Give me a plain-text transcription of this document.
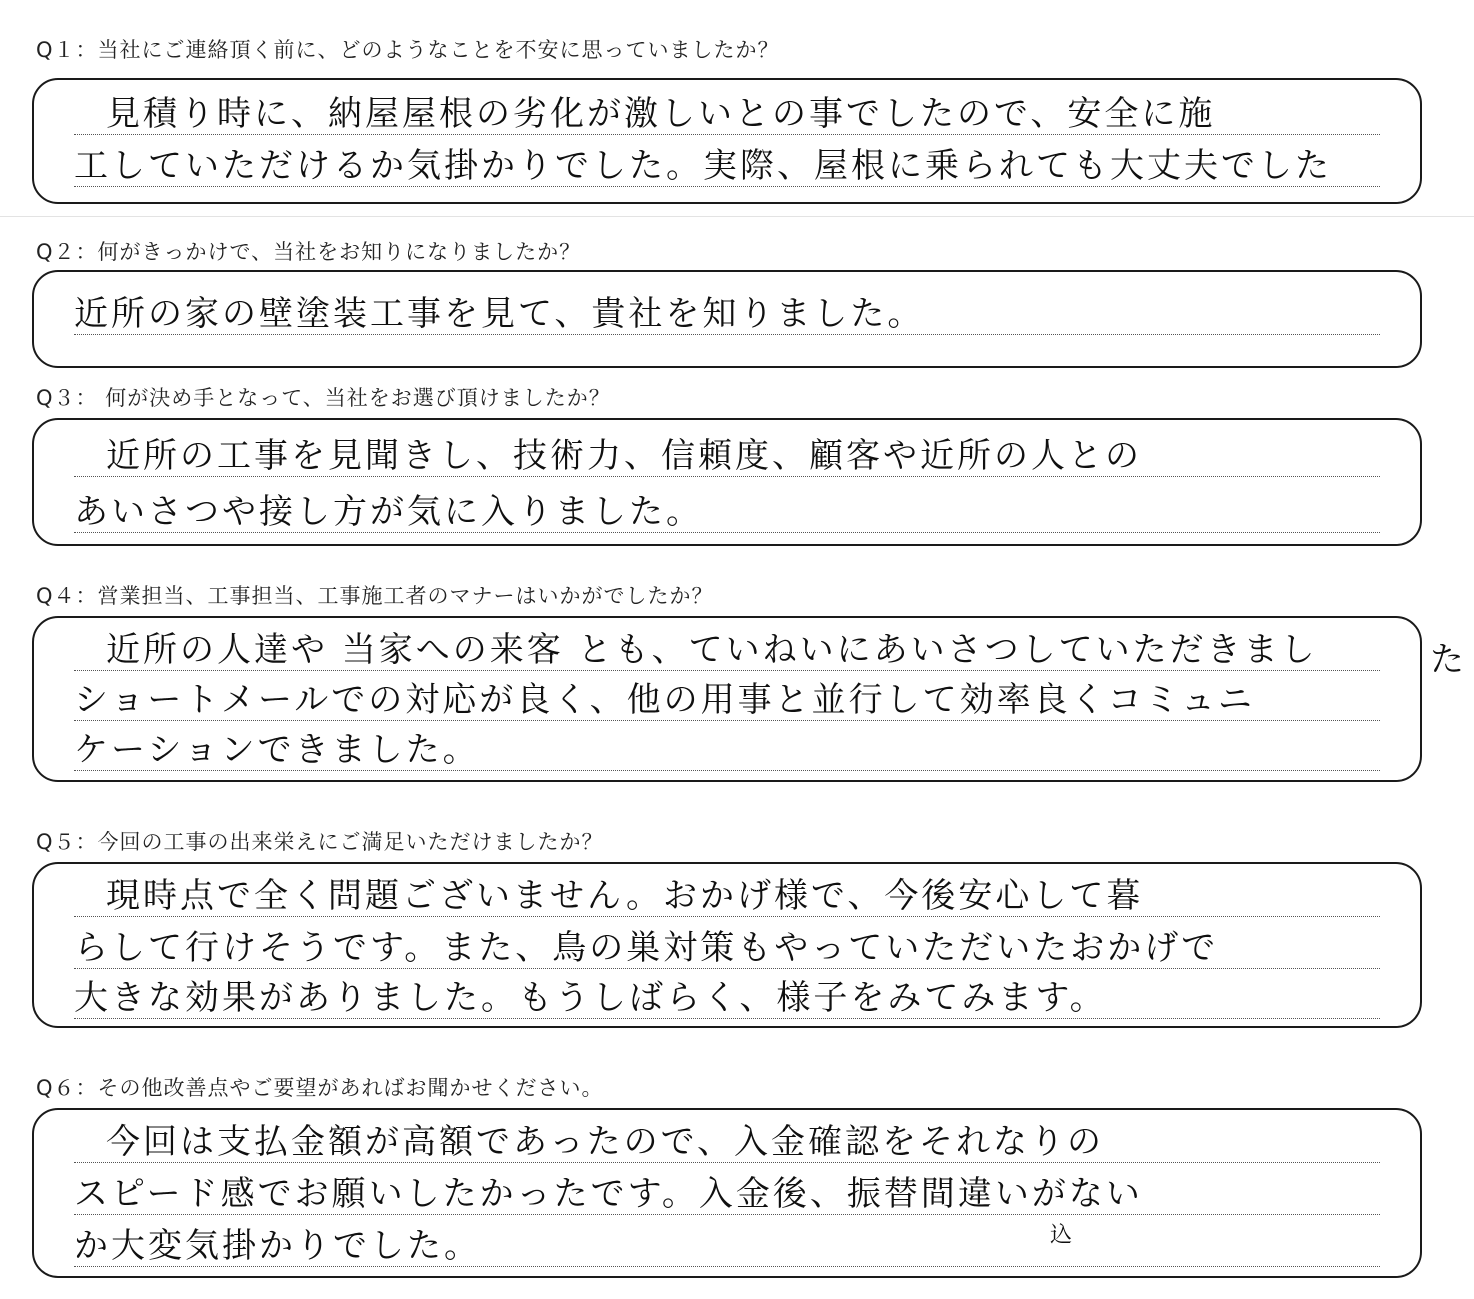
Q１：当社にご連絡頂く前に、どのようなことを不安に思っていましたか？
見積り時に、納屋屋根の劣化が激しいとの事でしたので、安全に施
工していただけるか気掛かりでした。実際、屋根に乗られても大丈夫でした
Q２：何がきっかけで、当社をお知りになりましたか？
近所の家の壁塗装工事を見て、貴社を知りました。
Q３： 何が決め手となって、当社をお選び頂けましたか？
近所の工事を見聞きし、技術力、信頼度、顧客や近所の人との
あいさつや接し方が気に入りました。
Q４：営業担当、工事担当、工事施工者のマナーはいかがでしたか？
近所の人達や 当家への来客 とも、ていねいにあいさつしていただきまし
ショートメールでの対応が良く、他の用事と並行して効率良くコミュニ
ケーションできました。
た
Q５：今回の工事の出来栄えにご満足いただけましたか？
現時点で全く問題ございません。おかげ様で、今後安心して暮
らして行けそうです。また、鳥の巣対策もやっていただいたおかげで
大きな効果がありました。もうしばらく、様子をみてみます。
Q６：その他改善点やご要望があればお聞かせください。
今回は支払金額が高額であったので、入金確認をそれなりの
スピード感でお願いしたかったです。入金後、振替間違いがない
か大変気掛かりでした。	込
